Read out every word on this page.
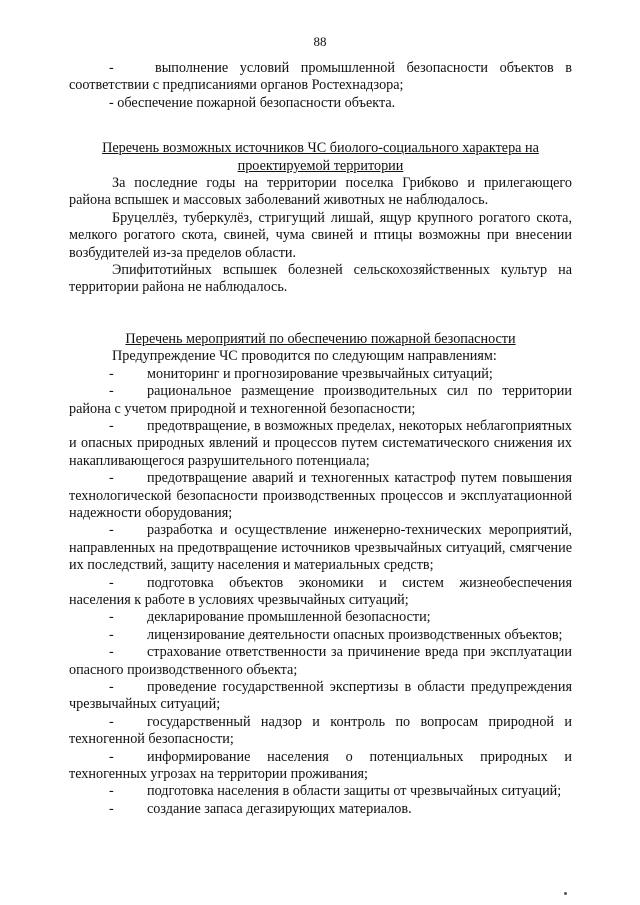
88

-	выполнение условий промышленной безопасности объектов в соответствии с предписаниями органов Ростехнадзора;

- обеспечение пожарной безопасности объекта.

Перечень возможных источников ЧС биолого-социального характера на

проектируемой территории

За последние годы на территории поселка Грибково и прилегающего района вспышек и массовых заболеваний животных не наблюдалось.

Бруцеллёз, туберкулёз, стригущий лишай, ящур крупного рогатого скота, мелкого рогатого скота, свиней, чума свиней и птицы возможны при внесении возбудителей из-за пределов области.

Эпифитотийных вспышек болезней сельскохозяйственных культур на территории района не наблюдалось.

Перечень мероприятий по обеспечению пожарной безопасности

Предупреждение ЧС проводится по следующим направлениям:

- мониторинг и прогнозирование чрезвычайных ситуаций;

- рациональное размещение производительных сил по территории района с учетом природной и техногенной безопасности;

- предотвращение, в возможных пределах, некоторых неблагоприятных и опасных природных явлений и процессов путем систематического снижения их накапливающегося разрушительного потенциала;

- предотвращение аварий и техногенных катастроф путем повышения технологической безопасности производственных процессов и эксплуатационной надежности оборудования;

- разработка и осуществление инженерно-технических мероприятий, направленных на предотвращение источников чрезвычайных ситуаций, смягчение их последствий, защиту населения и материальных средств;

- подготовка объектов экономики и систем жизнеобеспечения населения к работе в условиях чрезвычайных ситуаций;

- декларирование промышленной безопасности;

- лицензирование деятельности опасных производственных объектов;

- страхование ответственности за причинение вреда при эксплуатации опасного производственного объекта;

- проведение государственной экспертизы в области предупреждения чрезвычайных ситуаций;

- государственный надзор и контроль по вопросам природной и техногенной безопасности;

- информирование населения о потенциальных природных и техногенных угрозах на территории проживания;

- подготовка населения в области защиты от чрезвычайных ситуаций;

- создание запаса дегазирующих материалов.
